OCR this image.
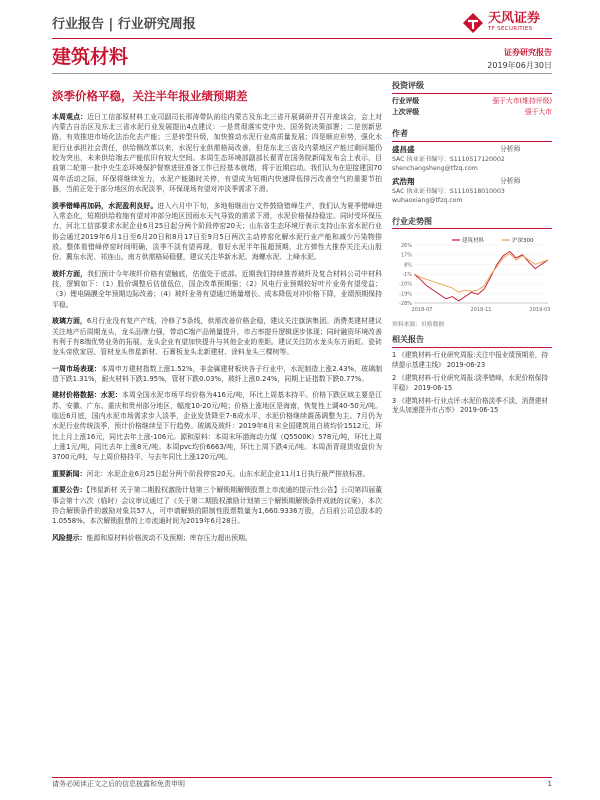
行业报告 | 行业研究周报	天风证券
TF SECURITIES
建筑材料	证券研究报告
2019年06月30日
淡季价格平稳，关注半年报业绩预期差
本周观点：近日工信部原材料工业司副司长邢涛带队前往内蒙古及东北三省开展调研并召开座谈会，会上对内蒙古自治区及东北三省水泥行业发展提出4点建议：一是贯彻落实党中央、国务院决策部署；二是创新思路，有效推进市场化法治化去产能；三是转型升级，加快推动水泥行业高质量发展；四是顺应形势，强化水泥行业承担社会责任，供给侧改革以来，水泥行业供需格局改善，但是东北三省及内蒙地区产能过剩问题仍较为突出，未来供给端去产能依旧有较大空间。本周生态环境部副部长翟青在国务院新闻发布会上表示，目前第二轮第一批中央生态环境保护督察进驻准备工作已经基本就绪，将于近期启动。我们认为在迎接建国70周年活动之际，环保将继续发力，水泥产能随时关停，有望成为短期内快速降低排污改善空气的重要节拍器，当前正处于部分地区的水泥淡季，环保现场有望对冲淡季需求下滑。
淡季错峰再加码，水泥盈利良好。进入六月中下旬，多地相继出台文件鼓励错峰生产，我们认为夏季错峰进入常态化，短期供给收缩有望对冲部分地区因雨水天气导致的需求下滑，水泥价格保持稳定。同时受环保压力，河北工信部要求水泥企业6月25日起分两个阶段停窑20天；山东省生态环境厅表示支持山东省水泥行业协会通过2019年6月1日至6月20日和8月17日至9月5日两次主动停窑化解水泥行业产能和减少污染物排放。整体看错峰停窑时间明确，淡季不淡有望再现，看好水泥半年报超预期，北方弹性大推荐关注天山股份、冀东水泥、祁连山。南方供需格局稳健，建议关注华新水泥、海螺水泥、上峰水泥。
玻纤方面，我们预计今年玻纤价格有望触底，估值处于底部。近期我们持续推荐玻纤及复合材料公司中材科技，逻辑如下：（1）股价调整后估值低位，国企改革预期强；（2）风电行业预期较好叶片业务有望受益；（3）锂电隔膜全年预期边际改善；（4）玻纤业务有望通过销量增长、成本降低对冲价格下降，业绩预期保持平稳。
玻璃方面，6月行业没有复产产线，冷修了5条线，供需改善价格企稳，建议关注旗滨集团。消费类建材建议关注地产后周期龙头，龙头品牌力强，带动C端产品销量提升，市占率提升逻辑逐步体现；同时融资环境改善有利于有8端优势业务的拓展。龙头企业有望加快提升与其他企业的差距。建议关注防水龙头东方雨虹、瓷砖龙头帝欧家居、管材龙头伟星新材、石膏板龙头北新建材、涂料龙头三棵树等。
一周市场表现：本周申万建材指数上涨1.52%，非金属建材板块各子行业中，水泥制造上涨2.43%，玻璃制造下跌1.31%，耐火材料下跌1.95%，管材下跌0.03%，玻纤上涨0.24%，同期上证指数下跌0.77%。
建材价格数据：水泥：本周全国水泥市场平均价格为416元/吨，环比上周基本持平。价格下跌区域主要是江苏、安徽、广东、重庆和贵州部分地区，幅度10-20元/吨；价格上涨地区是海南，恢复性上调40-50元/吨。临近6月底，国内水泥市场需求步入淡季，企业发货降至7-8成水平，水泥价格继续震荡调整为主。7月仍为水泥行业传统淡季，预计价格继续呈下行趋势。玻璃及玻纤：2019年6月末全国建筑用白玻均价1512元，环比上月上涨16元，同比去年上涨-106元。源和原料：本周末环渤海动力煤（Q5500K）578元/吨，环比上周上涨1元/吨，同比去年上涨8元/吨。本周pvc均价6663/吨，环比上周下跌4元/吨。本周沥青现货收盘价为3700元/吨，与上周价格持平，与去年同比上涨120元/吨。
重要新闻：河北：水泥企业6月25日起分两个阶段停窑20天。山东水泥企业11月1日执行最严排放标准。
重要公告：【伟星新材 关于第二期股权激励计划第三个解锁期解锁股票上市流通的提示性公告】公司第四届董事会第十六次（临时）会议审议通过了《关于第二期股权激励计划第三个解锁期解锁条件成就的议案》，本次符合解锁条件的激励对象共57人，可申请解锁的限制性股票数量为1,660.9336万股，占目前公司总股本的1.0558%。本次解锁股票的上市流通时间为2019年6月28日。
风险提示：能源和原材料价格波动不及预期；库存压力超出预期。
投资评级
行业评级	强于大市(维持评级)
上次评级	强于大市
作者
盛昌盛	分析师
SAC 执业证书编号：S1110517120002
shenchangsheng@tfzq.com
武浩翔	分析师
SAC 执业证书编号：S1110518010003
wuhaoxiang@tfzq.com
行业走势图
-28%
-19%
-10%
-1%
8%
17%
26%
2018-07	2018-11	2019-03
建筑材料	沪深300
资料来源：贝格数据
相关报告
1 《建筑材料-行业研究周报:关注中报业绩预期差，持续提示基建主线》 2019-06-23
2 《建筑材料-行业研究周报:淡季错峰，水泥价格保持平稳》 2019-06-15
3 《建筑材料-行业点评:水泥价格淡季不淡，消费建材龙头加速提升市占率》 2019-06-15
请务必阅读正文之后的信息披露和免责申明	1
